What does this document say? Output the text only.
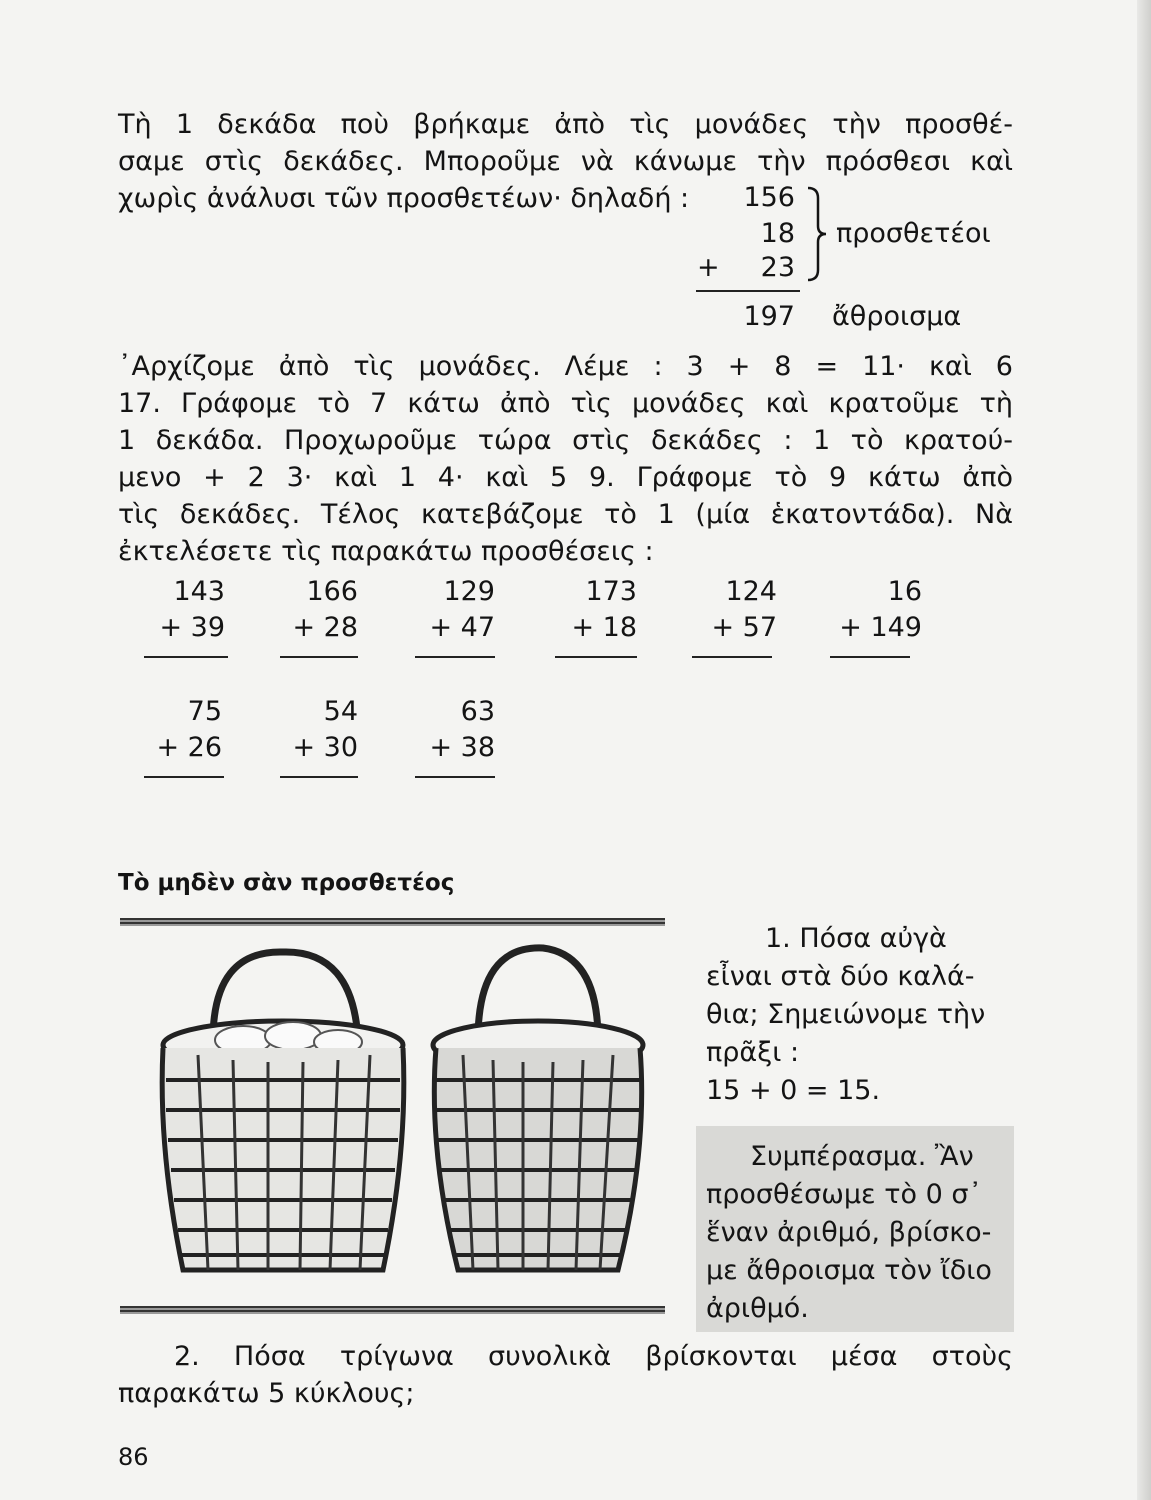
Τὴ 1 δεκάδα ποὺ βρήκαμε ἀπὸ τὶς μονάδες τὴν προσθέ-
σαμε στὶς δεκάδες. Μποροῦμε νὰ κάνωμε τὴν πρόσθεσι καὶ
χωρὶς ἀνάλυσι τῶν προσθετέων· δηλαδή :	156
18
+	23
197
προσθετέοι
ἄθροισμα
᾿Αρχίζομε ἀπὸ τὶς μονάδες. Λέμε : 3 + 8 = 11· καὶ 6
17. Γράφομε τὸ 7 κάτω ἀπὸ τὶς μονάδες καὶ κρατοῦμε τὴ
1 δεκάδα. Προχωροῦμε τώρα στὶς δεκάδες : 1 τὸ κρατού-
μενο + 2 3· καὶ 1 4· καὶ 5 9. Γράφομε τὸ 9 κάτω ἀπὸ
τὶς δεκάδες. Τέλος κατεβάζομε τὸ 1 (μία ἑκατοντάδα). Νὰ
ἐκτελέσετε τὶς παρακάτω προσθέσεις :
143
+ 39
166
+ 28
129
+ 47
173
+ 18
124
+ 57
16
+ 149
75
+ 26
54
+ 30
63
+ 38
Τὸ μηδὲν σὰν προσθετέος
1. Πόσα αὐγὰ
εἶναι στὰ δύο καλά-
θια; Σημειώνομε τὴν
πρᾶξι :
15 + 0 = 15.
Συμπέρασμα. Ἂν
προσθέσωμε τὸ 0 σ᾿
ἕναν ἀριθμό, βρίσκο-
με ἄθροισμα τὸν ἴδιο
ἀριθμό.
2. Πόσα τρίγωνα συνολικὰ βρίσκονται μέσα στοὺς
παρακάτω 5 κύκλους;
86
